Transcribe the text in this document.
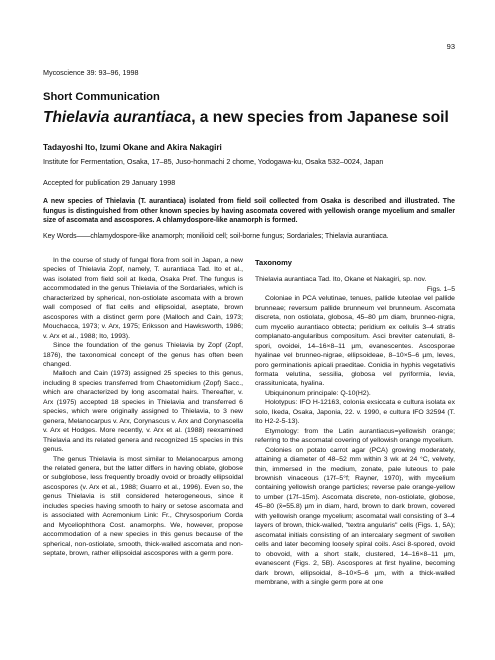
93
Mycoscience 39: 93–96, 1998
Short Communication
Thielavia aurantiaca, a new species from Japanese soil
Tadayoshi Ito, Izumi Okane and Akira Nakagiri
Institute for Fermentation, Osaka, 17–85, Juso-honmachi 2 chome, Yodogawa-ku, Osaka 532–0024, Japan
Accepted for publication 29 January 1998
A new species of Thielavia (T. aurantiaca) isolated from field soil collected from Osaka is described and illustrated. The fungus is distinguished from other known species by having ascomata covered with yellowish orange mycelium and smaller size of ascomata and ascospores. A chlamydospore-like anamorph is formed.
Key Words——chlamydospore-like anamorph; monilioid cell; soil-borne fungus; Sordariales; Thielavia aurantiaca.

In the course of study of fungal flora from soil in Japan, a new species of Thielavia Zopf, namely, T. aurantiaca Tad. Ito et al., was isolated from field soil at Ikeda, Osaka Pref. The fungus is accommodated in the genus Thielavia of the Sordariales, which is characterized by spherical, non-ostiolate ascomata with a brown wall composed of flat cells and ellipsoidal, aseptate, brown ascospores with a distinct germ pore (Malloch and Cain, 1973; Mouchacca, 1973; v. Arx, 1975; Eriksson and Hawksworth, 1986; v. Arx et al., 1988; Ito, 1993).

Since the foundation of the genus Thielavia by Zopf (Zopf, 1876), the taxonomical concept of the genus has often been changed.

Malloch and Cain (1973) assigned 25 species to this genus, including 8 species transferred from Chaetomidium (Zopf) Sacc., which are characterized by long ascomatal hairs. Thereafter, v. Arx (1975) accepted 18 species in Thielavia and transferred 6 species, which were originally assigned to Thielavia, to 3 new genera, Melanocarpus v. Arx, Corynascus v. Arx and Corynascella v. Arx et Hodges. More recently, v. Arx et al. (1988) reexamined Thielavia and its related genera and recognized 15 species in this genus.

The genus Thielavia is most similar to Melanocarpus among the related genera, but the latter differs in having oblate, globose or subglobose, less frequently broadly ovoid or broadly ellipsoidal ascospores (v. Arx et al., 1988; Guarro et al., 1996). Even so, the genus Thielavia is still considered heterogeneous, since it includes species having smooth to hairy or setose ascomata and is associated with Acremonium Link: Fr., Chrysosporium Corda and Myceliophthora Cost. anamorphs. We, however, propose accommodation of a new species in this genus because of the spherical, non-ostiolate, smooth, thick-walled ascomata and non-septate, brown, rather ellipsoidal ascospores with a germ pore.

Taxonomy

Thielavia aurantiaca Tad. Ito, Okane et Nakagiri, sp. nov.

Figs. 1–5

Coloniae in PCA velutinae, tenues, pallide luteolae vel pallide brunneae; reversum pallide brunneum vel brunneum. Ascomata discreta, non ostiolata, globosa, 45–80 µm diam, brunneo-nigra, cum mycelio aurantiaco obtecta; peridium ex cellulis 3–4 stratis complanato-angularibus compositum. Asci breviter catenulati, 8-spori, ovoidei, 14–16×8–11 µm, evanescentes. Ascosporae hyalinae vel brunneo-nigrae, ellipsoideae, 8–10×5–6 µm, leves, poro germinationis apicali praeditae. Conidia in hyphis vegetativis formata velutina, sessilia, globosa vel pyriformia, levia, crassitunicata, hyalina.

Ubiquinonum principale: Q-10(H2).

Holotypus: IFO H-12163, colonia exsiccata e cultura isolata ex solo, Ikeda, Osaka, Japonia, 22. v. 1990, e cultura IFO 32594 (T. Ito H2-2-5-13).

Etymology: from the Latin aurantiacus=yellowish orange; referring to the ascomatal covering of yellowish orange mycelium.

Colonies on potato carrot agar (PCA) growing moderately, attaining a diameter of 48–52 mm within 3 wk at 24 °C, velvety, thin, immersed in the medium, zonate, pale luteous to pale brownish vinaceous (17f–5°f; Rayner, 1970), with mycelium containing yellowish orange particles; reverse pale orange-yellow to umber (17f–15m). Ascomata discrete, non-ostiolate, globose, 45–80 (x̄=55.8) µm in diam, hard, brown to dark brown, covered with yellowish orange mycelium; ascomatal wall consisting of 3–4 layers of brown, thick-walled, "textra angularis" cells (Figs. 1, 5A); ascomatal initials consisting of an intercalary segment of swollen cells and later becoming loosely spiral coils. Asci 8-spored, ovoid to obovoid, with a short stalk, clustered, 14–16×8–11 µm, evanescent (Figs. 2, 5B). Ascospores at first hyaline, becoming dark brown, ellipsoidal, 8–10×5–6 µm, with a thick-walled membrane, with a single germ pore at one
